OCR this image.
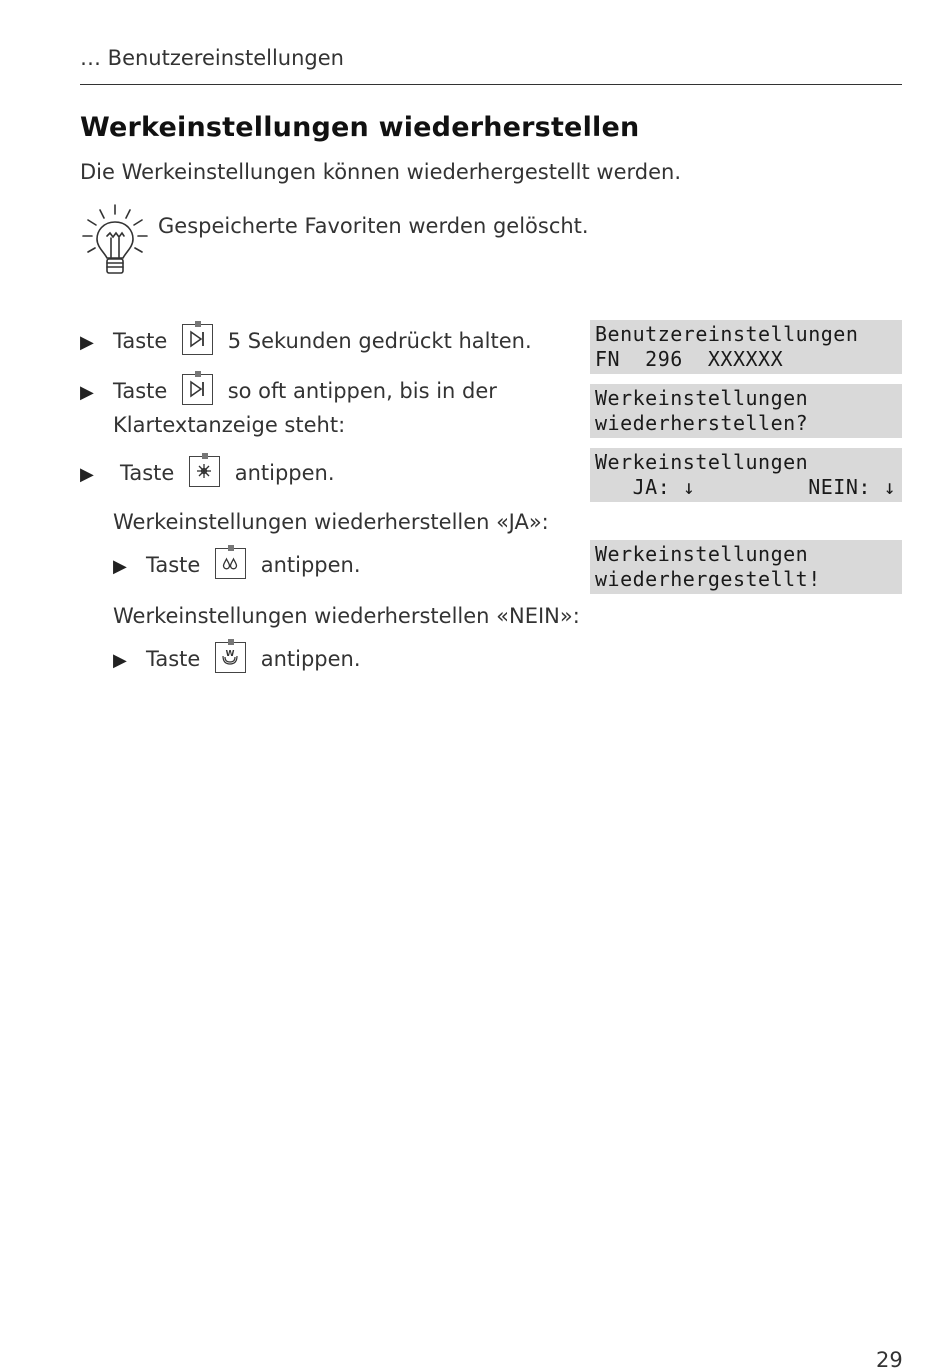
… Benutzereinstellungen
Werkeinstellungen wiederherstellen
Die Werkeinstellungen können wiederhergestellt werden.
Gespeicherte Favoriten werden gelöscht.
▶ Taste	5 Sekunden gedrückt halten.
▶ Taste	so oft antippen, bis in der
Klartextanzeige steht:
▶ Taste	antippen.
Werkeinstellungen wiederherstellen «JA»:
▶ Taste	antippen.
Werkeinstellungen wiederherstellen «NEIN»:
▶ Taste	W antippen.
Benutzereinstellungen
FN  296  XXXXXX
Werkeinstellungen
wiederherstellen?
Werkeinstellungen
JA: ↓         NEIN: ↓
Werkeinstellungen
wiederhergestellt!
29
